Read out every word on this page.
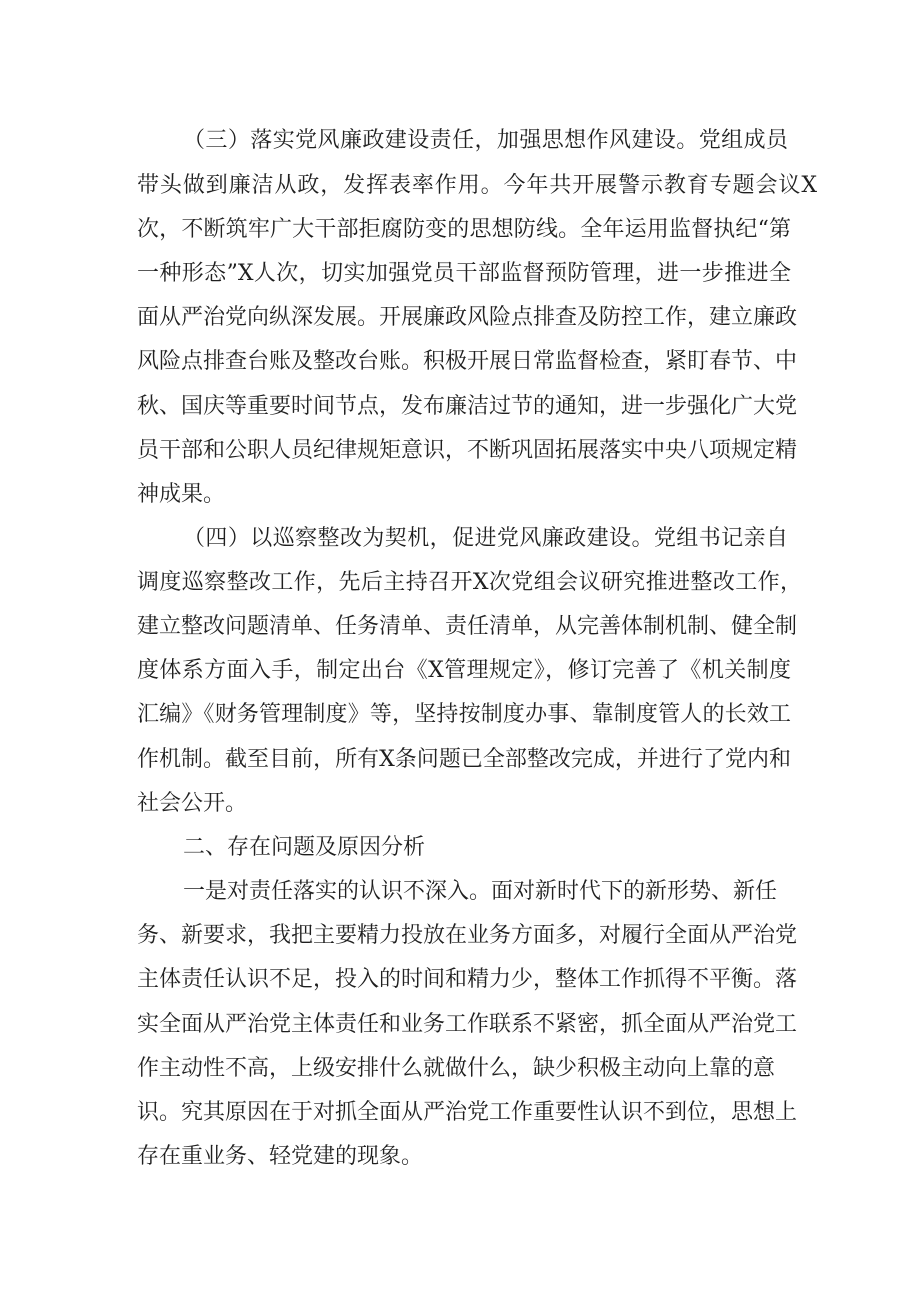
（三）落实党风廉政建设责任，加强思想作风建设。党组成员
带头做到廉洁从政，发挥表率作用。今年共开展警示教育专题会议X
次，不断筑牢广大干部拒腐防变的思想防线。全年运用监督执纪“第
一种形态”X人次，切实加强党员干部监督预防管理，进一步推进全
面从严治党向纵深发展。开展廉政风险点排查及防控工作，建立廉政
风险点排查台账及整改台账。积极开展日常监督检查，紧盯春节、中
秋、国庆等重要时间节点，发布廉洁过节的通知，进一步强化广大党
员干部和公职人员纪律规矩意识，不断巩固拓展落实中央八项规定精
神成果。
（四）以巡察整改为契机，促进党风廉政建设。党组书记亲自
调度巡察整改工作，先后主持召开X次党组会议研究推进整改工作，
建立整改问题清单、任务清单、责任清单，从完善体制机制、健全制
度体系方面入手，制定出台《X管理规定》，修订完善了《机关制度
汇编》《财务管理制度》等，坚持按制度办事、靠制度管人的长效工
作机制。截至目前，所有X条问题已全部整改完成，并进行了党内和
社会公开。
二、存在问题及原因分析
一是对责任落实的认识不深入。面对新时代下的新形势、新任
务、新要求，我把主要精力投放在业务方面多，对履行全面从严治党
主体责任认识不足，投入的时间和精力少，整体工作抓得不平衡。落
实全面从严治党主体责任和业务工作联系不紧密，抓全面从严治党工
作主动性不高，上级安排什么就做什么，缺少积极主动向上靠的意
识。究其原因在于对抓全面从严治党工作重要性认识不到位，思想上
存在重业务、轻党建的现象。
